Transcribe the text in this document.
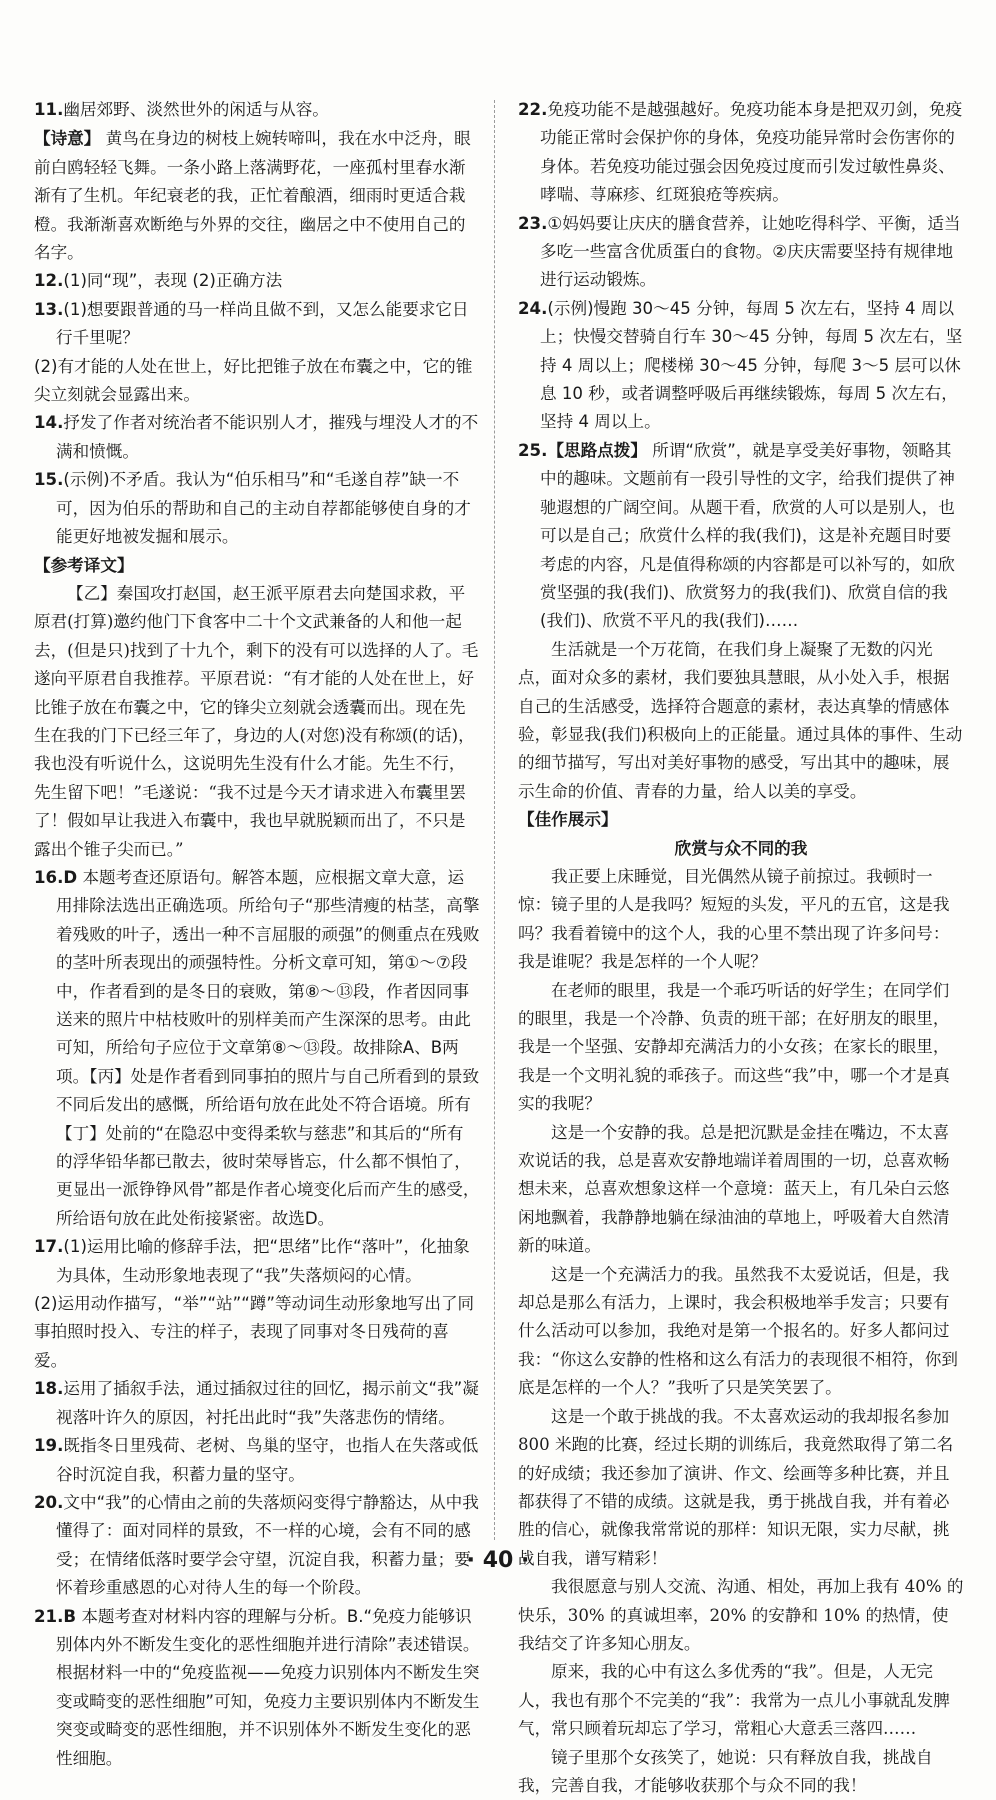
11.幽居郊野、淡然世外的闲适与从容。

【诗意】 黄鸟在身边的树枝上婉转啼叫，我在水中泛舟，眼前白鸥轻轻飞舞。一条小路上落满野花，一座孤村里春水渐渐有了生机。年纪衰老的我，正忙着酿酒，细雨时更适合栽橙。我渐渐喜欢断绝与外界的交往，幽居之中不使用自己的名字。

12.(1)同“现”，表现 (2)正确方法

13.(1)想要跟普通的马一样尚且做不到，又怎么能要求它日行千里呢？

(2)有才能的人处在世上，好比把锥子放在布囊之中，它的锥尖立刻就会显露出来。

14.抒发了作者对统治者不能识别人才，摧残与埋没人才的不满和愤慨。

15.(示例)不矛盾。我认为“伯乐相马”和“毛遂自荐”缺一不可，因为伯乐的帮助和自己的主动自荐都能够使自身的才能更好地被发掘和展示。

【参考译文】

【乙】秦国攻打赵国，赵王派平原君去向楚国求救，平原君(打算)邀约他门下食客中二十个文武兼备的人和他一起去，(但是只)找到了十九个，剩下的没有可以选择的人了。毛遂向平原君自我推荐。平原君说：“有才能的人处在世上，好比锥子放在布囊之中，它的锋尖立刻就会透囊而出。现在先生在我的门下已经三年了，身边的人(对您)没有称颂(的话)，我也没有听说什么，这说明先生没有什么才能。先生不行，先生留下吧！”毛遂说：“我不过是今天才请求进入布囊里罢了！假如早让我进入布囊中，我也早就脱颖而出了，不只是露出个锥子尖而已。”

16.D 本题考查还原语句。解答本题，应根据文章大意，运用排除法选出正确选项。所给句子“那些清瘦的枯茎，高擎着残败的叶子，透出一种不言屈服的顽强”的侧重点在残败的茎叶所表现出的顽强特性。分析文章可知，第①～⑦段中，作者看到的是冬日的衰败，第⑧～⑬段，作者因同事送来的照片中枯枝败叶的别样美而产生深深的思考。由此可知，所给句子应位于文章第⑧～⑬段。故排除A、B两项。【丙】处是作者看到同事拍的照片与自己所看到的景致不同后发出的感慨，所给语句放在此处不符合语境。所有【丁】处前的“在隐忍中变得柔软与慈悲”和其后的“所有的浮华铅华都已散去，彼时荣辱皆忘，什么都不惧怕了，更显出一派铮铮风骨”都是作者心境变化后而产生的感受，所给语句放在此处衔接紧密。故选D。

17.(1)运用比喻的修辞手法，把“思绪”比作“落叶”，化抽象为具体，生动形象地表现了“我”失落烦闷的心情。

(2)运用动作描写，“举”“站”“蹲”等动词生动形象地写出了同事拍照时投入、专注的样子，表现了同事对冬日残荷的喜爱。

18.运用了插叙手法，通过插叙过往的回忆，揭示前文“我”凝视落叶许久的原因，衬托出此时“我”失落悲伤的情绪。

19.既指冬日里残荷、老树、鸟巢的坚守，也指人在失落或低谷时沉淀自我，积蓄力量的坚守。

20.文中“我”的心情由之前的失落烦闷变得宁静豁达，从中我懂得了：面对同样的景致，不一样的心境，会有不同的感受；在情绪低落时要学会守望，沉淀自我，积蓄力量；要怀着珍重感恩的心对待人生的每一个阶段。

21.B 本题考查对材料内容的理解与分析。B.“免疫力能够识别体内外不断发生变化的恶性细胞并进行清除”表述错误。根据材料一中的“免疫监视——免疫力识别体内不断发生突变或畸变的恶性细胞”可知，免疫力主要识别体内不断发生突变或畸变的恶性细胞，并不识别体外不断发生变化的恶性细胞。

22.免疫功能不是越强越好。免疫功能本身是把双刃剑，免疫功能正常时会保护你的身体，免疫功能异常时会伤害你的身体。若免疫功能过强会因免疫过度而引发过敏性鼻炎、哮喘、荨麻疹、红斑狼疮等疾病。

23.①妈妈要让庆庆的膳食营养，让她吃得科学、平衡，适当多吃一些富含优质蛋白的食物。②庆庆需要坚持有规律地进行运动锻炼。

24.(示例)慢跑 30～45 分钟，每周 5 次左右，坚持 4 周以上；快慢交替骑自行车 30～45 分钟，每周 5 次左右，坚持 4 周以上；爬楼梯 30～45 分钟，每爬 3～5 层可以休息 10 秒，或者调整呼吸后再继续锻炼，每周 5 次左右，坚持 4 周以上。

25.【思路点拨】 所谓“欣赏”，就是享受美好事物，领略其中的趣味。文题前有一段引导性的文字，给我们提供了神驰遐想的广阔空间。从题干看，欣赏的人可以是别人，也可以是自己；欣赏什么样的我(我们)，这是补充题目时要考虑的内容，凡是值得称颂的内容都是可以补写的，如欣赏坚强的我(我们)、欣赏努力的我(我们)、欣赏自信的我(我们)、欣赏不平凡的我(我们)……

生活就是一个万花筒，在我们身上凝聚了无数的闪光点，面对众多的素材，我们要独具慧眼，从小处入手，根据自己的生活感受，选择符合题意的素材，表达真挚的情感体验，彰显我(我们)积极向上的正能量。通过具体的事件、生动的细节描写，写出对美好事物的感受，写出其中的趣味，展示生命的价值、青春的力量，给人以美的享受。

【佳作展示】

欣赏与众不同的我

我正要上床睡觉，目光偶然从镜子前掠过。我顿时一惊：镜子里的人是我吗？短短的头发，平凡的五官，这是我吗？我看着镜中的这个人，我的心里不禁出现了许多问号：我是谁呢？我是怎样的一个人呢？

在老师的眼里，我是一个乖巧听话的好学生；在同学们的眼里，我是一个冷静、负责的班干部；在好朋友的眼里，我是一个坚强、安静却充满活力的小女孩；在家长的眼里，我是一个文明礼貌的乖孩子。而这些“我”中，哪一个才是真实的我呢？

这是一个安静的我。总是把沉默是金挂在嘴边，不太喜欢说话的我，总是喜欢安静地端详着周围的一切，总喜欢畅想未来，总喜欢想象这样一个意境：蓝天上，有几朵白云悠闲地飘着，我静静地躺在绿油油的草地上，呼吸着大自然清新的味道。

这是一个充满活力的我。虽然我不太爱说话，但是，我却总是那么有活力，上课时，我会积极地举手发言；只要有什么活动可以参加，我绝对是第一个报名的。好多人都问过我：“你这么安静的性格和这么有活力的表现很不相符，你到底是怎样的一个人？”我听了只是笑笑罢了。

这是一个敢于挑战的我。不太喜欢运动的我却报名参加 800 米跑的比赛，经过长期的训练后，我竟然取得了第二名的好成绩；我还参加了演讲、作文、绘画等多种比赛，并且都获得了不错的成绩。这就是我，勇于挑战自我，并有着必胜的信心，就像我常常说的那样：知识无限，实力尽献，挑战自我，谱写精彩！

我很愿意与别人交流、沟通、相处，再加上我有 40% 的快乐，30% 的真诚坦率，20% 的安静和 10% 的热情，使我结交了许多知心朋友。

原来，我的心中有这么多优秀的“我”。但是，人无完人，我也有那个不完美的“我”：我常为一点儿小事就乱发脾气，常只顾着玩却忘了学习，常粗心大意丢三落四……

镜子里那个女孩笑了，她说：只有释放自我，挑战自我，完善自我，才能够收获那个与众不同的我！

· 40 ·
